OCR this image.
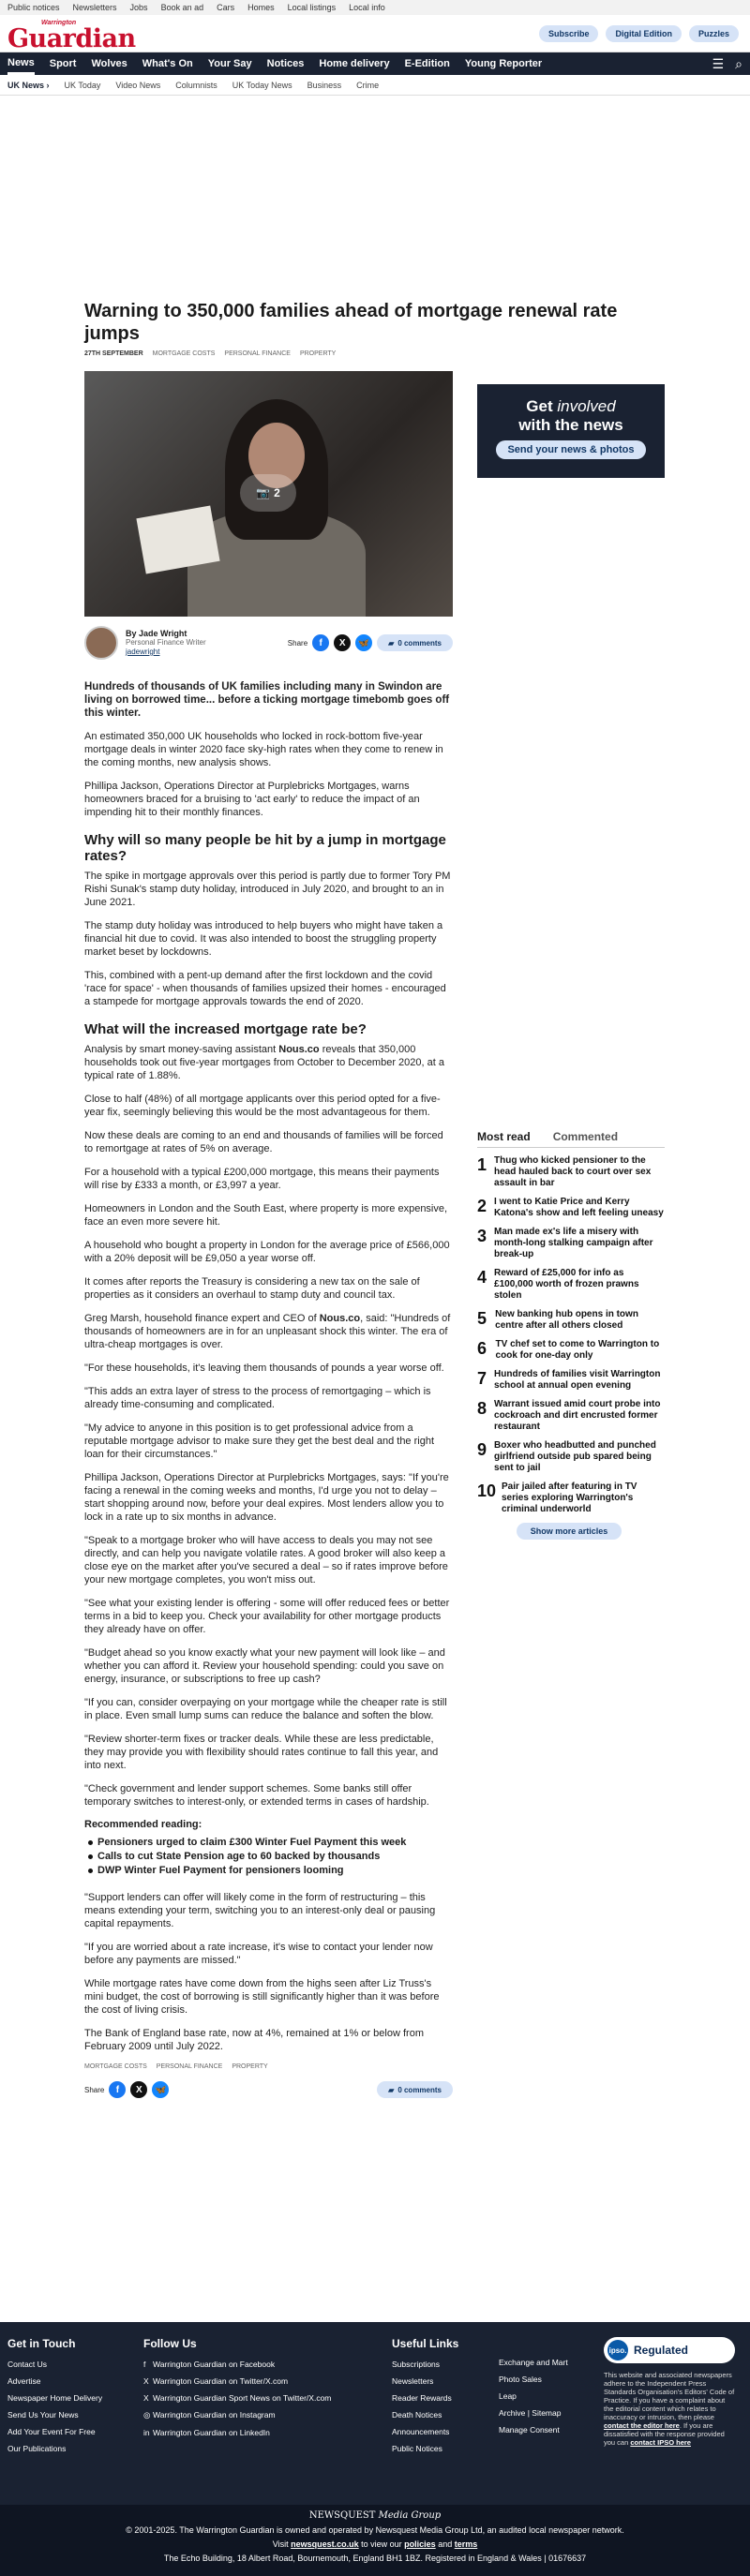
Public notices Newsletters Jobs Book an ad Cars Homes Local listings Local info
Warrington
Guardian	Subscribe	Digital Edition	Puzzles
News Sport Wolves What's On Your Say Notices Home delivery E-Edition Young Reporter	☰ ⌕
UK News › UK Today Video News Columnists UK Today News Business Crime
Warning to 350,000 families ahead of mortgage renewal rate jumps
27TH SEPTEMBER MORTGAGE COSTS PERSONAL FINANCE PROPERTY
📷 2
By Jade Wright
Personal Finance Writer
jadewright
Share	f	X	🦋	▰ 0 comments

Hundreds of thousands of UK families including many in Swindon are living on borrowed time... before a ticking mortgage timebomb goes off this winter.

An estimated 350,000 UK households who locked in rock-bottom five-year mortgage deals in winter 2020 face sky-high rates when they come to renew in the coming months, new analysis shows.

Phillipa Jackson, Operations Director at Purplebricks Mortgages, warns homeowners braced for a bruising to 'act early' to reduce the impact of an impending hit to their monthly finances.

Why will so many people be hit by a jump in mortgage rates?

The spike in mortgage approvals over this period is partly due to former Tory PM Rishi Sunak's stamp duty holiday, introduced in July 2020, and brought to an in June 2021.

The stamp duty holiday was introduced to help buyers who might have taken a financial hit due to covid. It was also intended to boost the struggling property market beset by lockdowns.

This, combined with a pent-up demand after the first lockdown and the covid 'race for space' - when thousands of families upsized their homes - encouraged a stampede for mortgage approvals towards the end of 2020.

What will the increased mortgage rate be?

Analysis by smart money-saving assistant Nous.co reveals that 350,000 households took out five-year mortgages from October to December 2020, at a typical rate of 1.88%.

Close to half (48%) of all mortgage applicants over this period opted for a five-year fix, seemingly believing this would be the most advantageous for them.

Now these deals are coming to an end and thousands of families will be forced to remortgage at rates of 5% on average.

For a household with a typical £200,000 mortgage, this means their payments will rise by £333 a month, or £3,997 a year.

Homeowners in London and the South East, where property is more expensive, face an even more severe hit.

A household who bought a property in London for the average price of £566,000 with a 20% deposit will be £9,050 a year worse off.

It comes after reports the Treasury is considering a new tax on the sale of properties as it considers an overhaul to stamp duty and council tax.

Greg Marsh, household finance expert and CEO of Nous.co, said: "Hundreds of thousands of homeowners are in for an unpleasant shock this winter. The era of ultra-cheap mortgages is over.

"For these households, it's leaving them thousands of pounds a year worse off.

"This adds an extra layer of stress to the process of remortgaging – which is already time-consuming and complicated.

"My advice to anyone in this position is to get professional advice from a reputable mortgage advisor to make sure they get the best deal and the right loan for their circumstances."

Phillipa Jackson, Operations Director at Purplebricks Mortgages, says: "If you're facing a renewal in the coming weeks and months, I'd urge you not to delay – start shopping around now, before your deal expires. Most lenders allow you to lock in a rate up to six months in advance.

"Speak to a mortgage broker who will have access to deals you may not see directly, and can help you navigate volatile rates. A good broker will also keep a close eye on the market after you've secured a deal – so if rates improve before your new mortgage completes, you won't miss out.

"See what your existing lender is offering - some will offer reduced fees or better terms in a bid to keep you. Check your availability for other mortgage products they already have on offer.

"Budget ahead so you know exactly what your new payment will look like – and whether you can afford it. Review your household spending: could you save on energy, insurance, or subscriptions to free up cash?

"If you can, consider overpaying on your mortgage while the cheaper rate is still in place. Even small lump sums can reduce the balance and soften the blow.

"Review shorter-term fixes or tracker deals. While these are less predictable, they may provide you with flexibility should rates continue to fall this year, and into next.

"Check government and lender support schemes. Some banks still offer temporary switches to interest-only, or extended terms in cases of hardship.

Recommended reading:
Pensioners urged to claim £300 Winter Fuel Payment this week
Calls to cut State Pension age to 60 backed by thousands
DWP Winter Fuel Payment for pensioners looming

"Support lenders can offer will likely come in the form of restructuring – this means extending your term, switching you to an interest-only deal or pausing capital repayments.

"If you are worried about a rate increase, it's wise to contact your lender now before any payments are missed."

While mortgage rates have come down from the highs seen after Liz Truss's mini budget, the cost of borrowing is still significantly higher than it was before the cost of living crisis.

The Bank of England base rate, now at 4%, remained at 1% or below from February 2009 until July 2022.

MORTGAGE COSTS PERSONAL FINANCE PROPERTY
Share	f	X	🦋	▰ 0 comments
Get involved
with the news
Send your news & photos
Most read Commented
1 Thug who kicked pensioner to the head hauled back to court over sex assault in bar
2 I went to Katie Price and Kerry Katona's show and left feeling uneasy
3 Man made ex's life a misery with month-long stalking campaign after break-up
4 Reward of £25,000 for info as £100,000 worth of frozen prawns stolen
5 New banking hub opens in town centre after all others closed
6 TV chef set to come to Warrington to cook for one-day only
7 Hundreds of families visit Warrington school at annual open evening
8 Warrant issued amid court probe into cockroach and dirt encrusted former restaurant
9 Boxer who headbutted and punched girlfriend outside pub spared being sent to jail
10 Pair jailed after featuring in TV series exploring Warrington's criminal underworld
Show more articles
Get in Touch
Contact Us
Advertise
Newspaper Home Delivery
Send Us Your News
Add Your Event For Free
Our Publications
Follow Us
f Warrington Guardian on Facebook
X Warrington Guardian on Twitter/X.com
X Warrington Guardian Sport News on Twitter/X.com
◎ Warrington Guardian on Instagram
in Warrington Guardian on LinkedIn
Useful Links
Subscriptions
Newsletters
Reader Rewards
Death Notices
Announcements
Public Notices
Exchange and Mart
Photo Sales
Leap
Archive | Sitemap
Manage Consent
ipso. Regulated
This website and associated newspapers adhere to the Independent Press Standards Organisation's Editors' Code of Practice. If you have a complaint about the editorial content which relates to inaccuracy or intrusion, then please contact the editor here. If you are dissatisfied with the response provided you can contact IPSO here
NEWSQUEST Media Group
© 2001-2025. The Warrington Guardian is owned and operated by Newsquest Media Group Ltd, an audited local newspaper network.
Visit newsquest.co.uk to view our policies and terms
The Echo Building, 18 Albert Road, Bournemouth, England BH1 1BZ. Registered in England & Wales | 01676637
